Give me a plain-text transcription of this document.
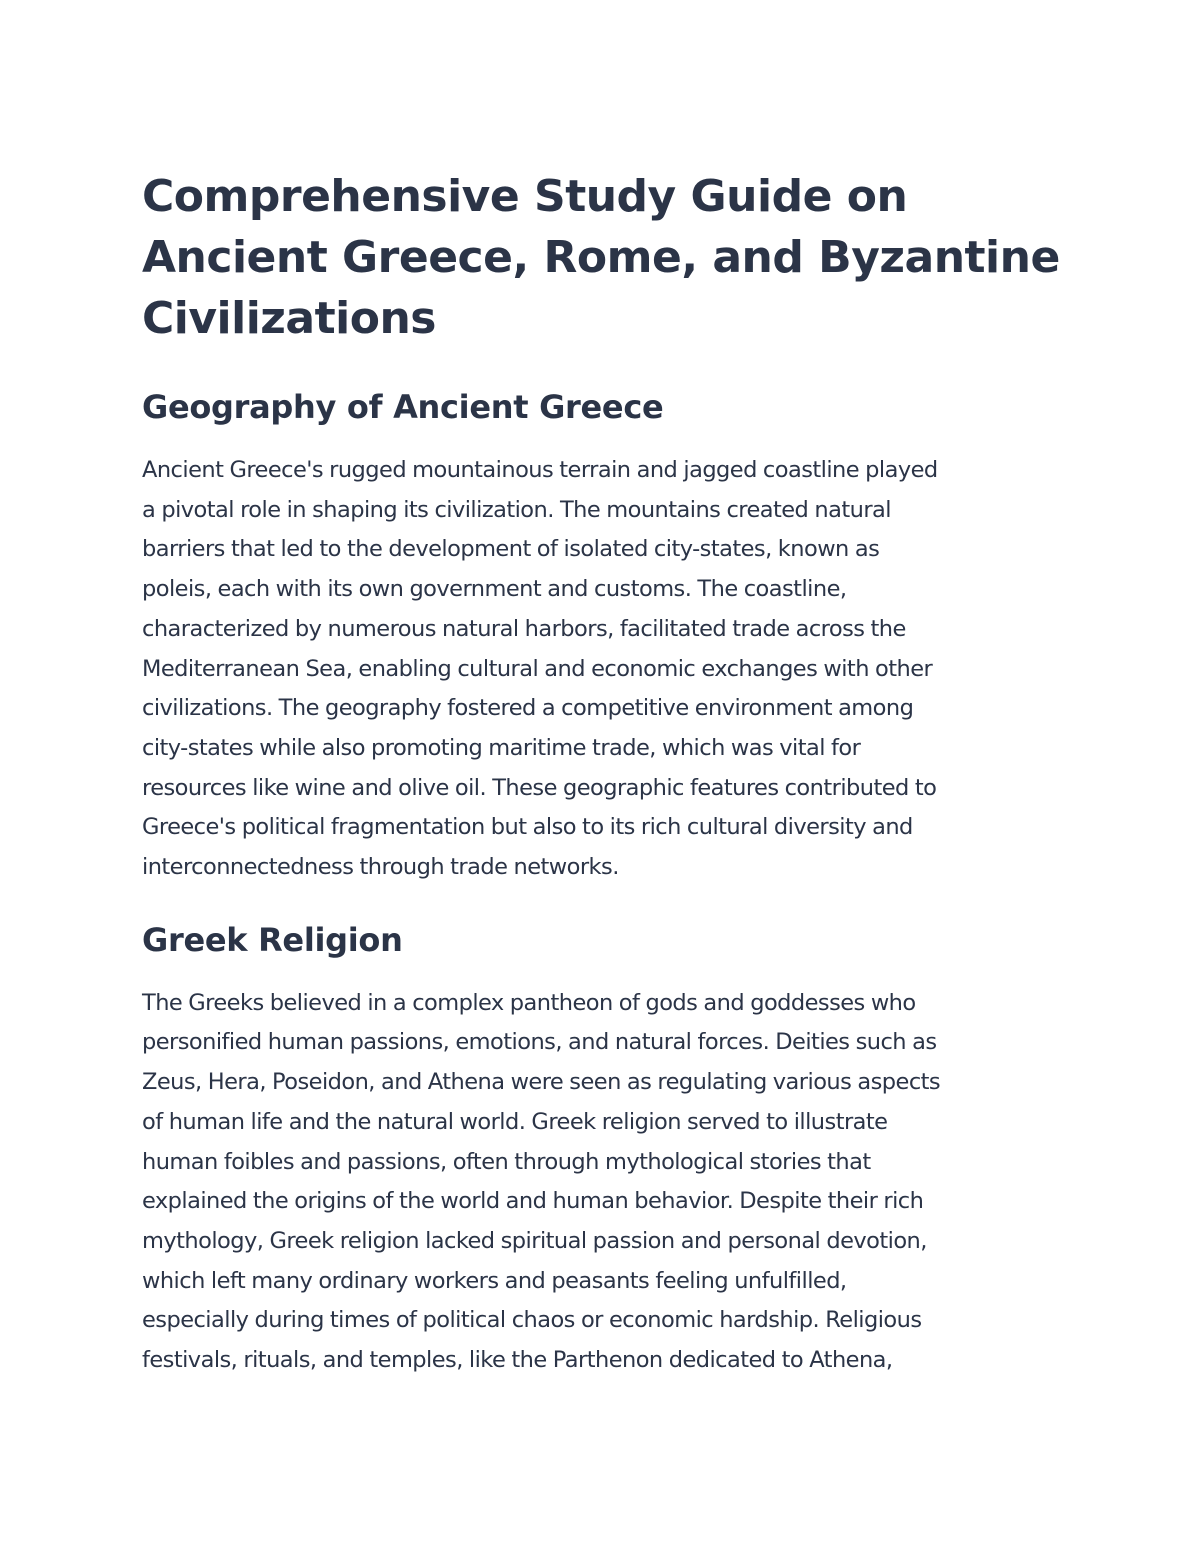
Comprehensive Study Guide on
Ancient Greece, Rome, and Byzantine
Civilizations
Geography of Ancient Greece

Ancient Greece's rugged mountainous terrain and jagged coastline played
a pivotal role in shaping its civilization. The mountains created natural
barriers that led to the development of isolated city-states, known as
poleis, each with its own government and customs. The coastline,
characterized by numerous natural harbors, facilitated trade across the
Mediterranean Sea, enabling cultural and economic exchanges with other
civilizations. The geography fostered a competitive environment among
city-states while also promoting maritime trade, which was vital for
resources like wine and olive oil. These geographic features contributed to
Greece's political fragmentation but also to its rich cultural diversity and
interconnectedness through trade networks.

Greek Religion

The Greeks believed in a complex pantheon of gods and goddesses who
personified human passions, emotions, and natural forces. Deities such as
Zeus, Hera, Poseidon, and Athena were seen as regulating various aspects
of human life and the natural world. Greek religion served to illustrate
human foibles and passions, often through mythological stories that
explained the origins of the world and human behavior. Despite their rich
mythology, Greek religion lacked spiritual passion and personal devotion,
which left many ordinary workers and peasants feeling unfulfilled,
especially during times of political chaos or economic hardship. Religious
festivals, rituals, and temples, like the Parthenon dedicated to Athena,
